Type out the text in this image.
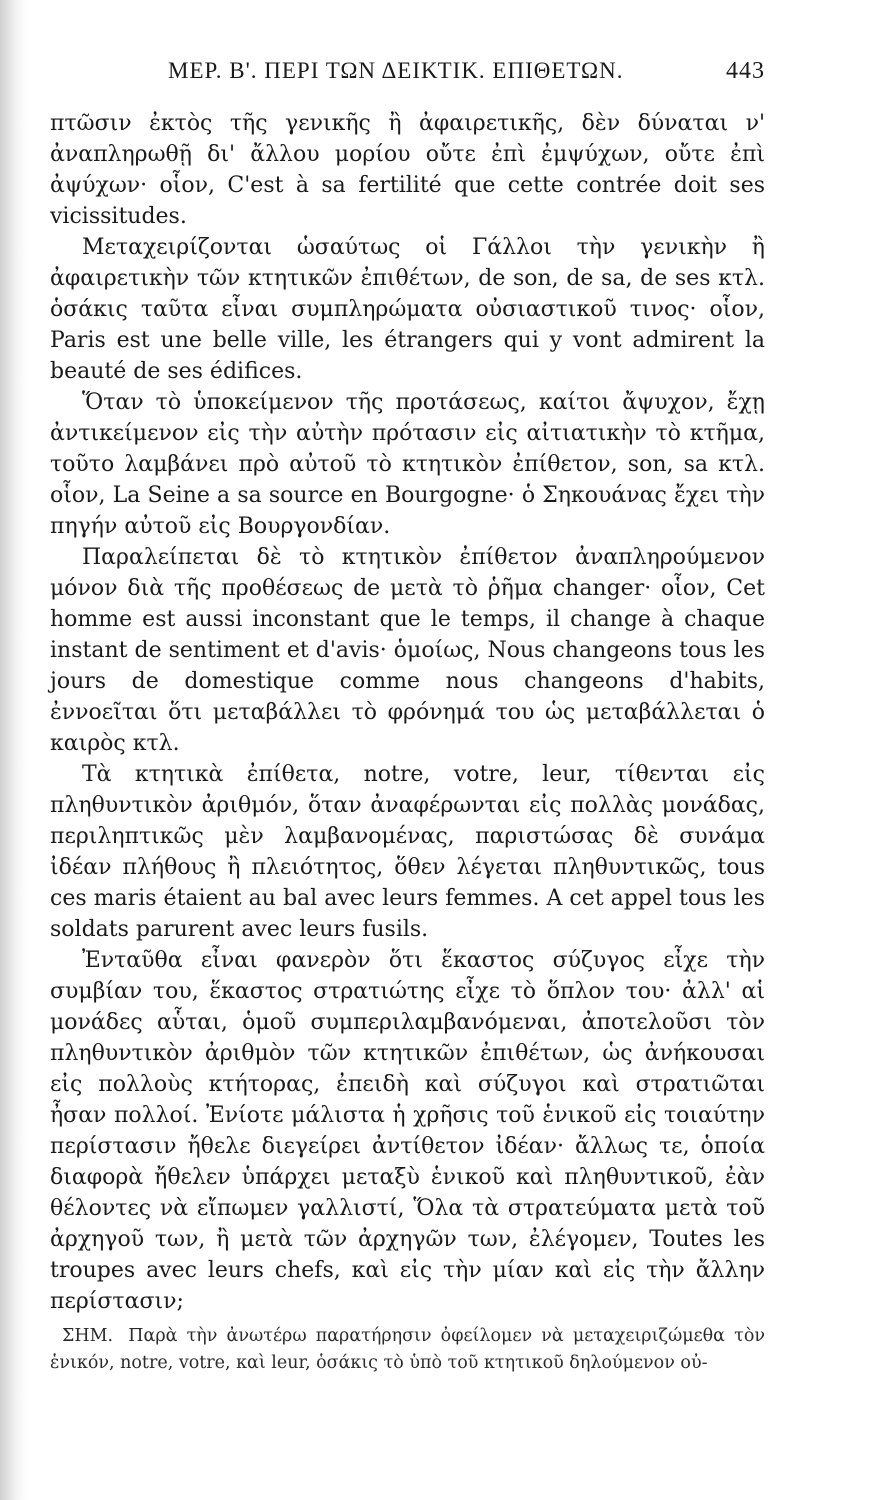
ΜΕΡ. Β'. ΠΕΡΙ ΤΩΝ ΔΕΙΚΤΙΚ. ΕΠΙΘΕΤΩΝ.	443

πτῶσιν ἐκτὸς τῆς γενικῆς ἢ ἀφαιρετικῆς, δὲν δύναται ν' ἀναπληρωθῇ δι' ἄλλου μορίου οὔτε ἐπὶ ἐμψύχων, οὔτε ἐπὶ ἀψύχων· οἷον, C'est à sa fertilité que cette contrée doit ses vicissitudes.

Μεταχειρίζονται ὡσαύτως οἱ Γάλλοι τὴν γενικὴν ἢ ἀφαιρετικὴν τῶν κτητικῶν ἐπιθέτων, de son, de sa, de ses κτλ. ὁσάκις ταῦτα εἶναι συμπληρώματα οὐσιαστικοῦ τινος· οἷον, Paris est une belle ville, les étrangers qui y vont admirent la beauté de ses édifices.

Ὅταν τὸ ὑποκείμενον τῆς προτάσεως, καίτοι ἄψυχον, ἔχῃ ἀντικείμενον εἰς τὴν αὐτὴν πρότασιν εἰς αἰτιατικὴν τὸ κτῆμα, τοῦτο λαμβάνει πρὸ αὐτοῦ τὸ κτητικὸν ἐπίθετον, son, sa κτλ. οἷον, La Seine a sa source en Bourgogne· ὁ Σηκουάνας ἔχει τὴν πηγήν αὐτοῦ εἰς Βουργονδίαν.

Παραλείπεται δὲ τὸ κτητικὸν ἐπίθετον ἀναπληρούμενον μόνον διὰ τῆς προθέσεως de μετὰ τὸ ῥῆμα changer· οἷον, Cet homme est aussi inconstant que le temps, il change à chaque instant de sentiment et d'avis· ὁμοίως, Nous changeons tous les jours de domestique comme nous changeons d'habits, ἐννοεῖται ὅτι μεταβάλλει τὸ φρόνημά του ὡς μεταβάλλεται ὁ καιρὸς κτλ.

Τὰ κτητικὰ ἐπίθετα, notre, votre, leur, τίθενται εἰς πληθυντικὸν ἀριθμόν, ὅταν ἀναφέρωνται εἰς πολλὰς μονάδας, περιληπτικῶς μὲν λαμβανομένας, παριστώσας δὲ συνάμα ἰδέαν πλήθους ἢ πλειότητος, ὅθεν λέγεται πληθυντικῶς, tous ces maris étaient au bal avec leurs femmes. A cet appel tous les soldats parurent avec leurs fusils.

Ἐνταῦθα εἶναι φανερὸν ὅτι ἕκαστος σύζυγος εἶχε τὴν συμβίαν του, ἕκαστος στρατιώτης εἶχε τὸ ὅπλον του· ἀλλ' αἱ μονάδες αὗται, ὁμοῦ συμπεριλαμβανόμεναι, ἀποτελοῦσι τὸν πληθυντικὸν ἀριθμὸν τῶν κτητικῶν ἐπιθέτων, ὡς ἀνήκουσαι εἰς πολλοὺς κτήτορας, ἐπειδὴ καὶ σύζυγοι καὶ στρατιῶται ἦσαν πολλοί. Ἐνίοτε μάλιστα ἡ χρῆσις τοῦ ἑνικοῦ εἰς τοιαύτην περίστασιν ἤθελε διεγείρει ἀντίθετον ἰδέαν· ἄλλως τε, ὁποία διαφορὰ ἤθελεν ὑπάρχει μεταξὺ ἑνικοῦ καὶ πληθυντικοῦ, ἐὰν θέλοντες νὰ εἴπωμεν γαλλιστί, Ὅλα τὰ στρατεύματα μετὰ τοῦ ἀρχηγοῦ των, ἢ μετὰ τῶν ἀρχηγῶν των, ἐλέγομεν, Toutes les troupes avec leurs chefs, καὶ εἰς τὴν μίαν καὶ εἰς τὴν ἄλλην περίστασιν;

ΣΗΜ. Παρὰ τὴν ἀνωτέρω παρατήρησιν ὀφείλομεν νὰ μεταχειριζώμεθα τὸν ἑνικόν, notre, votre, καὶ leur, ὁσάκις τὸ ὑπὸ τοῦ κτητικοῦ δηλούμενον οὐ-
